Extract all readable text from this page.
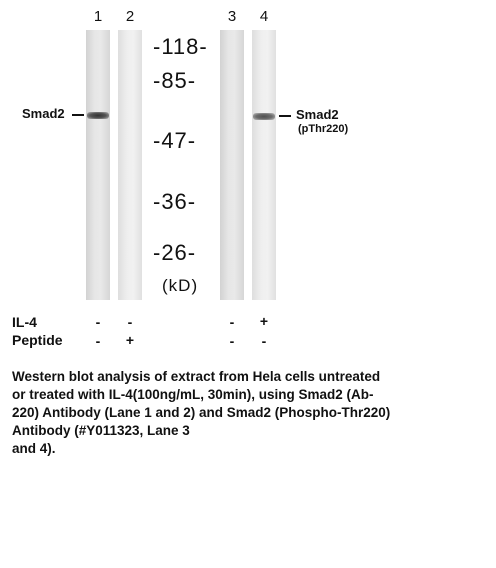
1	2	3	4
-118-
-85-
-47-
-36-
-26-
(kD)
Smad2	Smad2
(pThr220)
IL-4	- -	- +
Peptide - +	- -
Western blot analysis of extract from Hela cells untreated
or treated with IL-4(100ng/mL, 30min), using Smad2 (Ab-
220) Antibody (Lane 1 and 2) and Smad2 (Phospho-Thr220)
Antibody (#Y011323, Lane 3
and 4).
